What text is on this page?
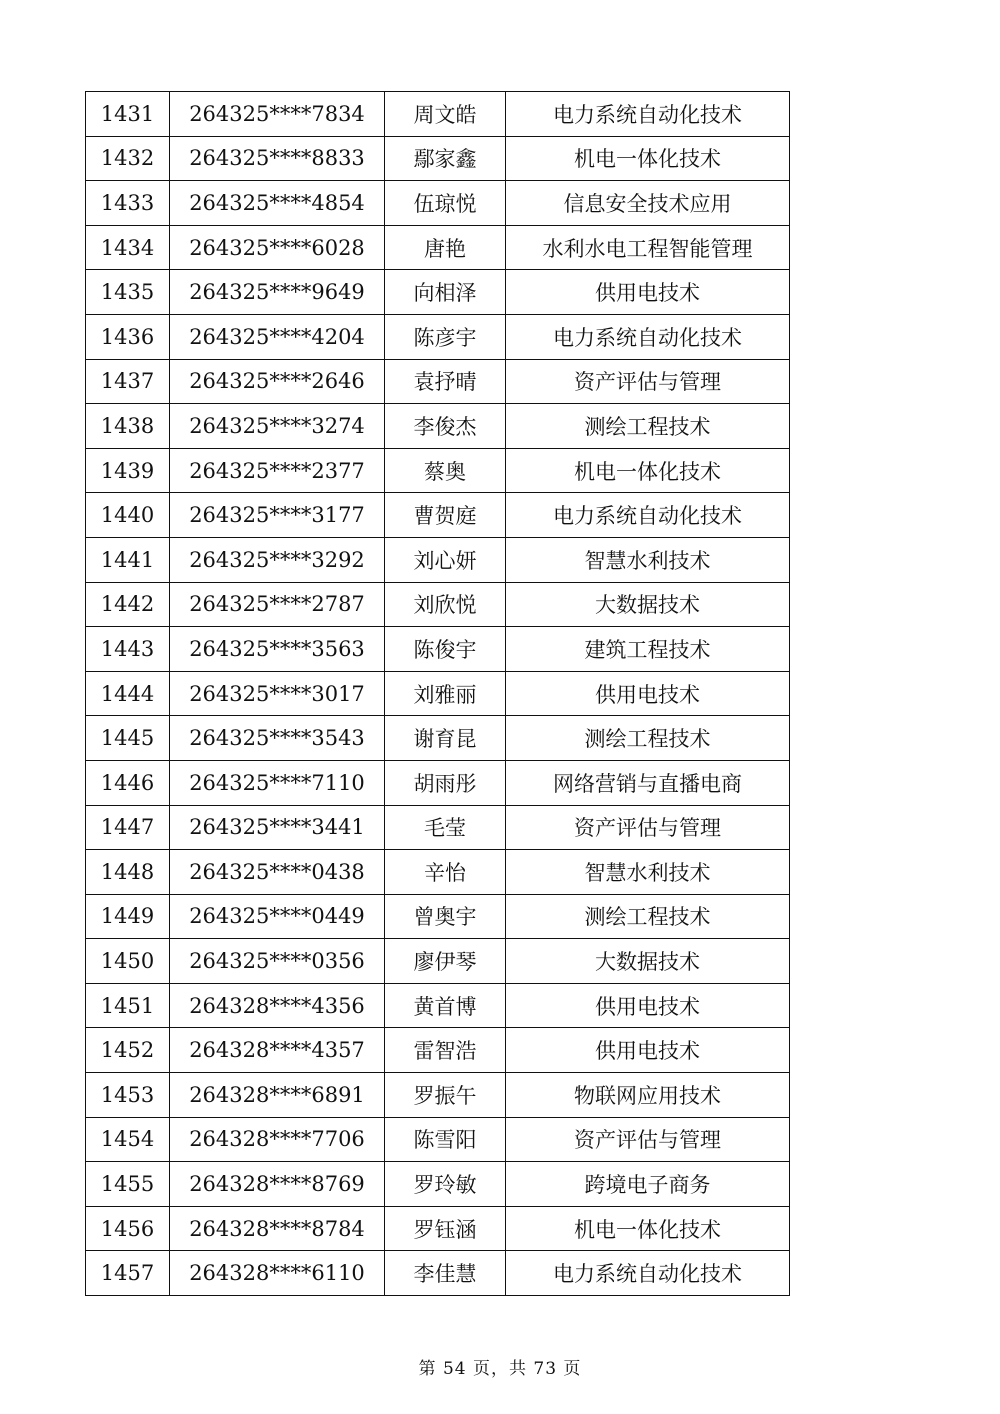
1431	264325****7834	周文皓	电力系统自动化技术
1432	264325****8833	鄢家鑫	机电一体化技术
1433	264325****4854	伍琼悦	信息安全技术应用
1434	264325****6028	唐艳	水利水电工程智能管理
1435	264325****9649	向相泽	供用电技术
1436	264325****4204	陈彦宇	电力系统自动化技术
1437	264325****2646	袁抒晴	资产评估与管理
1438	264325****3274	李俊杰	测绘工程技术
1439	264325****2377	蔡奥	机电一体化技术
1440	264325****3177	曹贺庭	电力系统自动化技术
1441	264325****3292	刘心妍	智慧水利技术
1442	264325****2787	刘欣悦	大数据技术
1443	264325****3563	陈俊宇	建筑工程技术
1444	264325****3017	刘雅丽	供用电技术
1445	264325****3543	谢育昆	测绘工程技术
1446	264325****7110	胡雨彤	网络营销与直播电商
1447	264325****3441	毛莹	资产评估与管理
1448	264325****0438	辛怡	智慧水利技术
1449	264325****0449	曾奥宇	测绘工程技术
1450	264325****0356	廖伊琴	大数据技术
1451	264328****4356	黄首博	供用电技术
1452	264328****4357	雷智浩	供用电技术
1453	264328****6891	罗振午	物联网应用技术
1454	264328****7706	陈雪阳	资产评估与管理
1455	264328****8769	罗玲敏	跨境电子商务
1456	264328****8784	罗钰涵	机电一体化技术
1457	264328****6110	李佳慧	电力系统自动化技术
第 54 页，共 73 页
